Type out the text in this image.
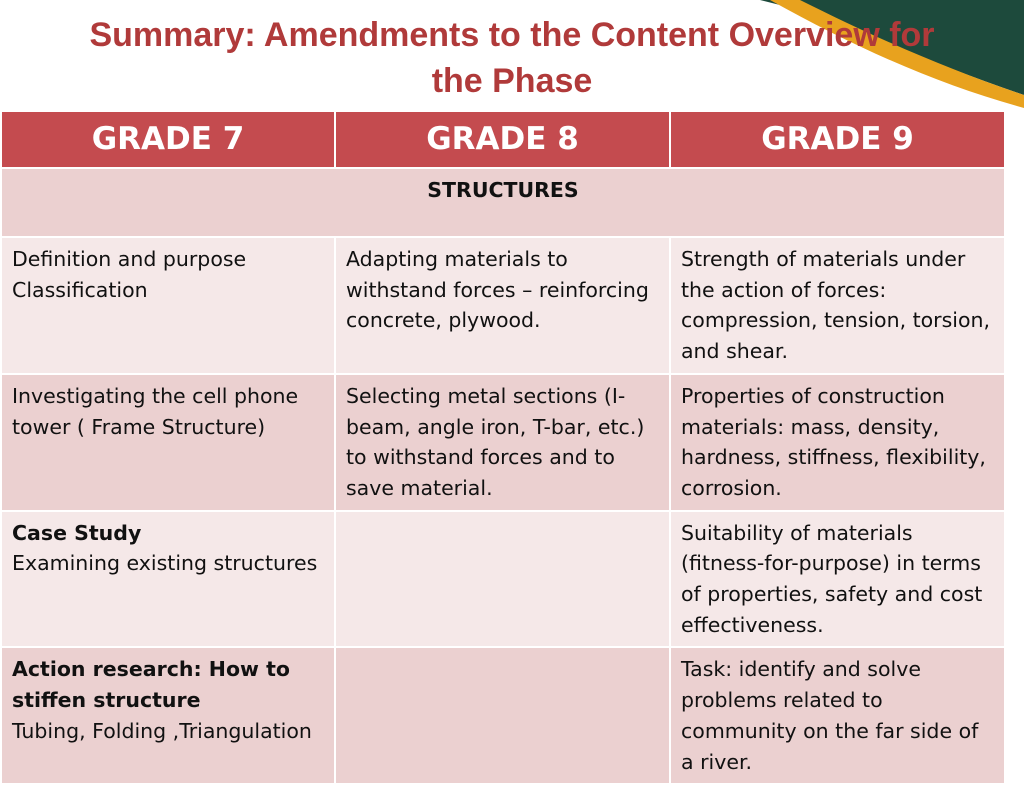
Summary: Amendments to the Content Overview for
the Phase
GRADE 7	GRADE 8	GRADE 9
STRUCTURES		

Definition and purpose
Classification	Adapting materials to withstand forces – reinforcing concrete, plywood.	Strength of materials under the action of forces: compression, tension, torsion, and shear.

Investigating the cell phone tower ( Frame Structure)	Selecting metal sections (I-beam, angle iron, T-bar, etc.) to withstand forces and to save material.	Properties of construction materials: mass, density, hardness, stiffness, flexibility, corrosion.

Case Study
Examining existing structures		Suitability of materials (fitness-for-purpose) in terms of properties, safety and cost effectiveness.

Action research: How to stiffen structure
Tubing, Folding ,Triangulation		Task: identify and solve problems related to community on the far side of a river.
